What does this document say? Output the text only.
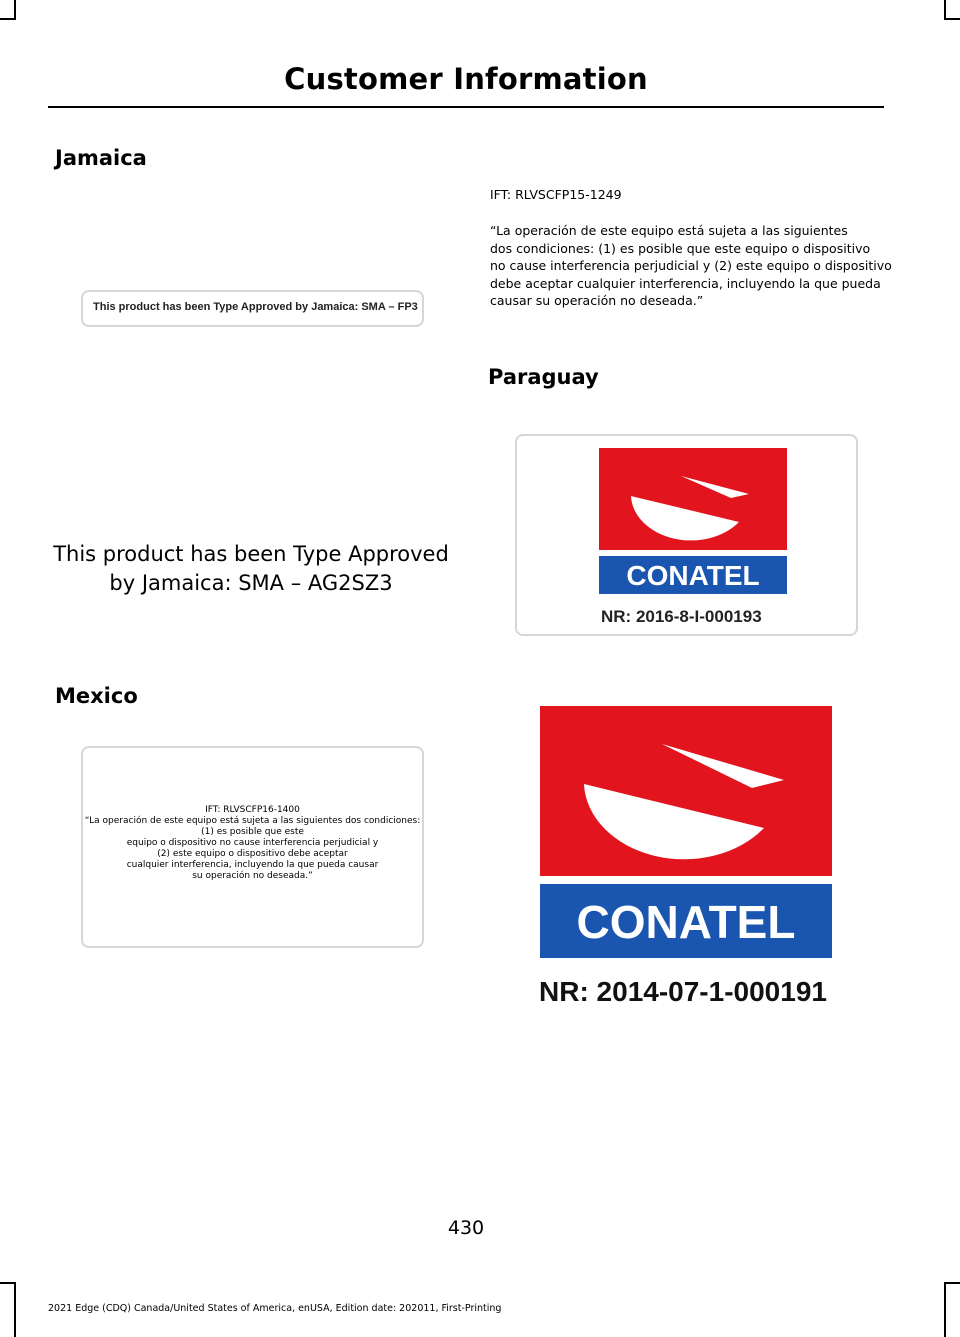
Customer Information
Jamaica
This product has been Type Approved by Jamaica: SMA – FP3
This product has been Type Approved
by Jamaica: SMA – AG2SZ3
Mexico
IFT: RLVSCFP16-1400
“La operación de este equipo está sujeta a las siguientes dos condiciones:
(1) es posible que este
equipo o dispositivo no cause interferencia perjudicial y
(2) este equipo o dispositivo debe aceptar
cualquier interferencia, incluyendo la que pueda causar
su operación no deseada.”
IFT: RLVSCFP15-1249
“La operación de este equipo está sujeta a las siguientes
dos condiciones: (1) es posible que este equipo o dispositivo
no cause interferencia perjudicial y (2) este equipo o dispositivo
debe aceptar cualquier interferencia, incluyendo la que pueda
causar su operación no deseada.”
Paraguay
CONATEL
NR: 2016-8-I-000193
CONATEL
NR: 2014-07-1-000191
430
2021 Edge (CDQ) Canada/United States of America, enUSA, Edition date: 202011, First-Printing
